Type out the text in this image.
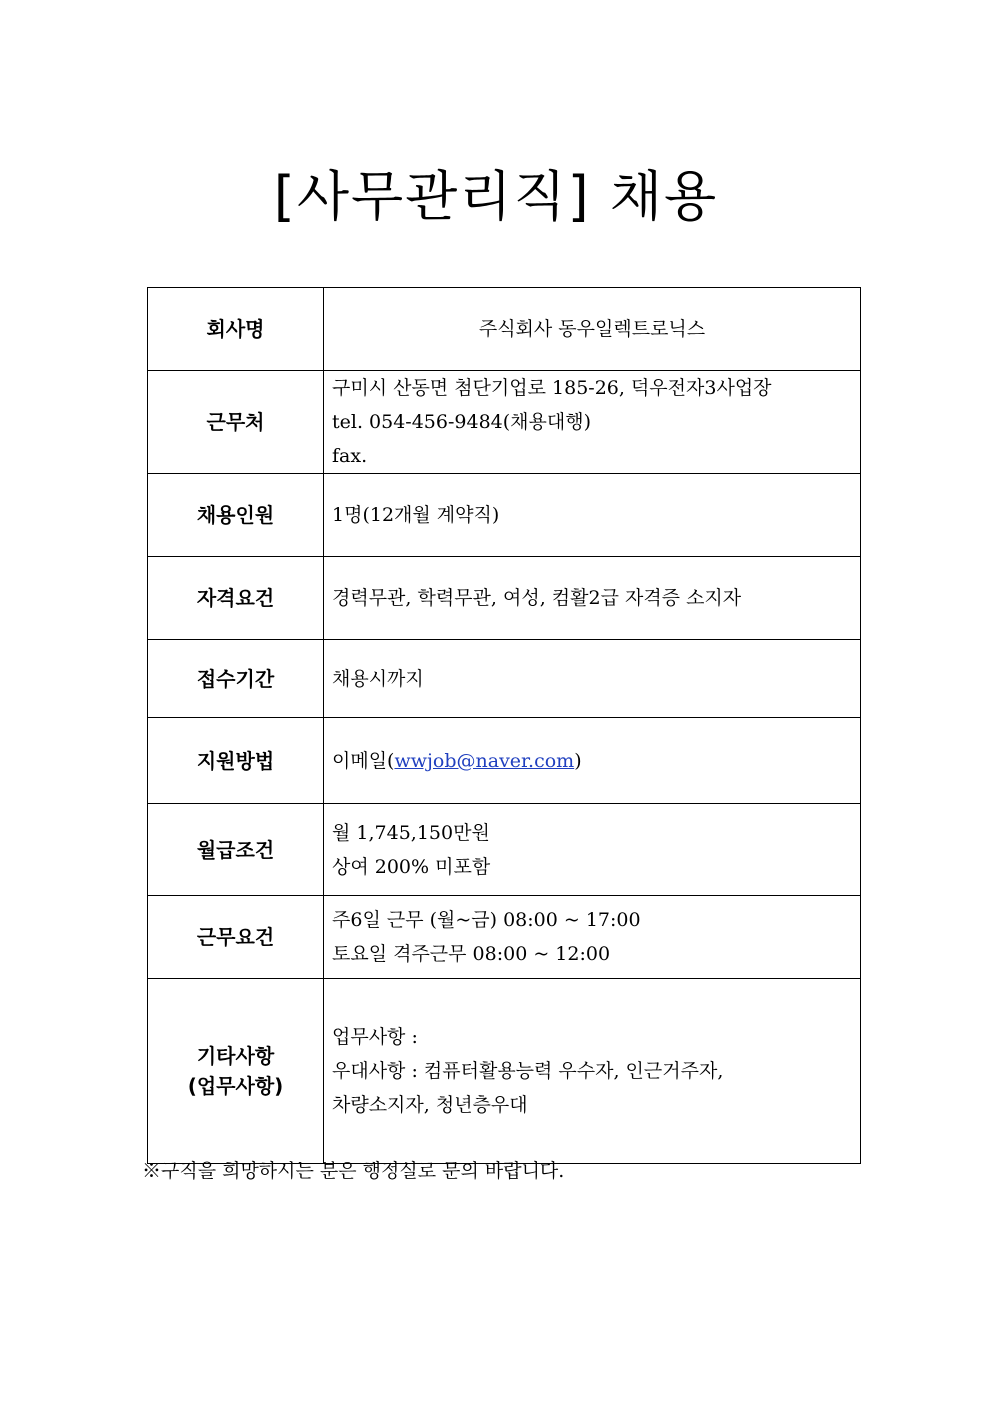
[사무관리직] 채용
회사명	주식회사 동우일렉트로닉스
근무처	구미시 산동면 첨단기업로 185-26, 덕우전자3사업장
tel. 054-456-9484(채용대행)
fax.

채용인원	1명(12개월 계약직)
자격요건	경력무관, 학력무관, 여성, 컴활2급 자격증 소지자
접수기간	채용시까지
지원방법	이메일(wwjob@naver.com)
월급조건	월 1,745,150만원
상여 200% 미포함

근무요건	주6일 근무 (월~금) 08:00 ~ 17:00
토요일 격주근무 08:00 ~ 12:00

기타사항
(업무사항)	업무사항 :
우대사항 : 컴퓨터활용능력 우수자, 인근거주자,
차량소지자, 청년층우대
※구직을 희망하시는 분은 행정실로 문의 바랍니다.
